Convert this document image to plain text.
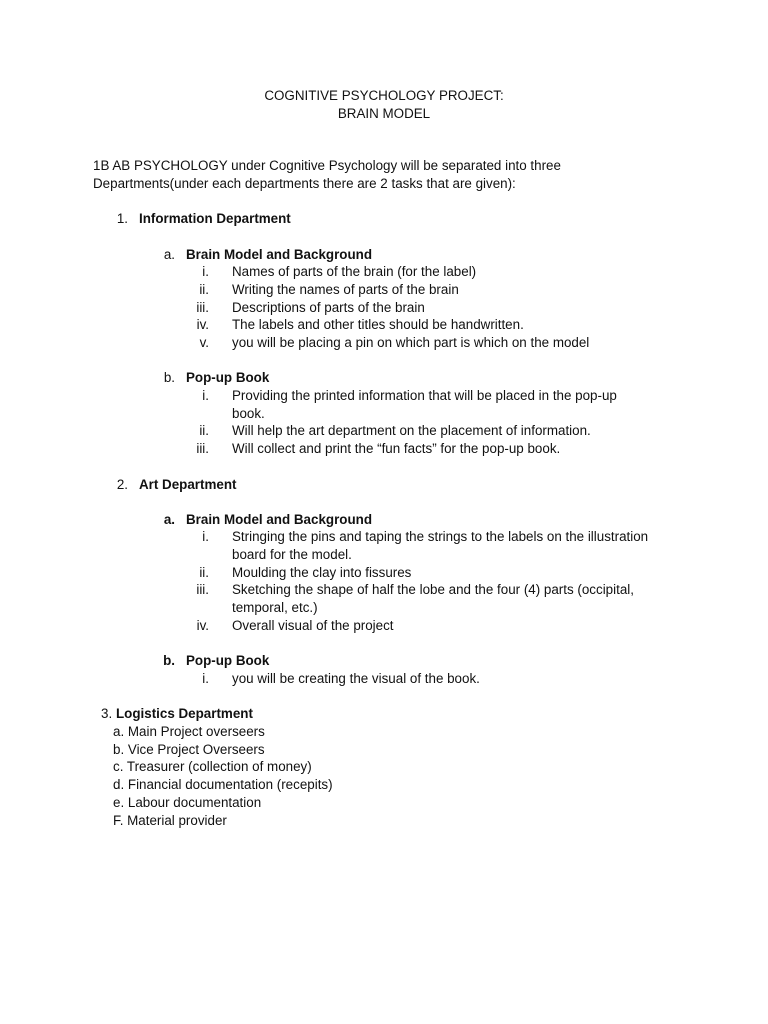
COGNITIVE PSYCHOLOGY PROJECT:
BRAIN MODEL
1B AB PSYCHOLOGY under Cognitive Psychology will be separated into three
Departments(under each departments there are 2 tasks that are given):
1. Information Department
a. Brain Model and Background
i. Names of parts of the brain (for the label)
ii. Writing the names of parts of the brain
iii. Descriptions of parts of the brain
iv. The labels and other titles should be handwritten.
v. you will be placing a pin on which part is which on the model
b. Pop-up Book
i. Providing the printed information that will be placed in the pop-up
book.
ii. Will help the art department on the placement of information.
iii. Will collect and print the “fun facts” for the pop-up book.
2. Art Department
a. Brain Model and Background
i. Stringing the pins and taping the strings to the labels on the illustration
board for the model.
ii. Moulding the clay into fissures
iii. Sketching the shape of half the lobe and the four (4) parts (occipital,
temporal, etc.)
iv. Overall visual of the project
b. Pop-up Book
i. you will be creating the visual of the book.
3. Logistics Department
a. Main Project overseers
b. Vice Project Overseers
c. Treasurer (collection of money)
d. Financial documentation (recepits)
e. Labour documentation
F. Material provider
